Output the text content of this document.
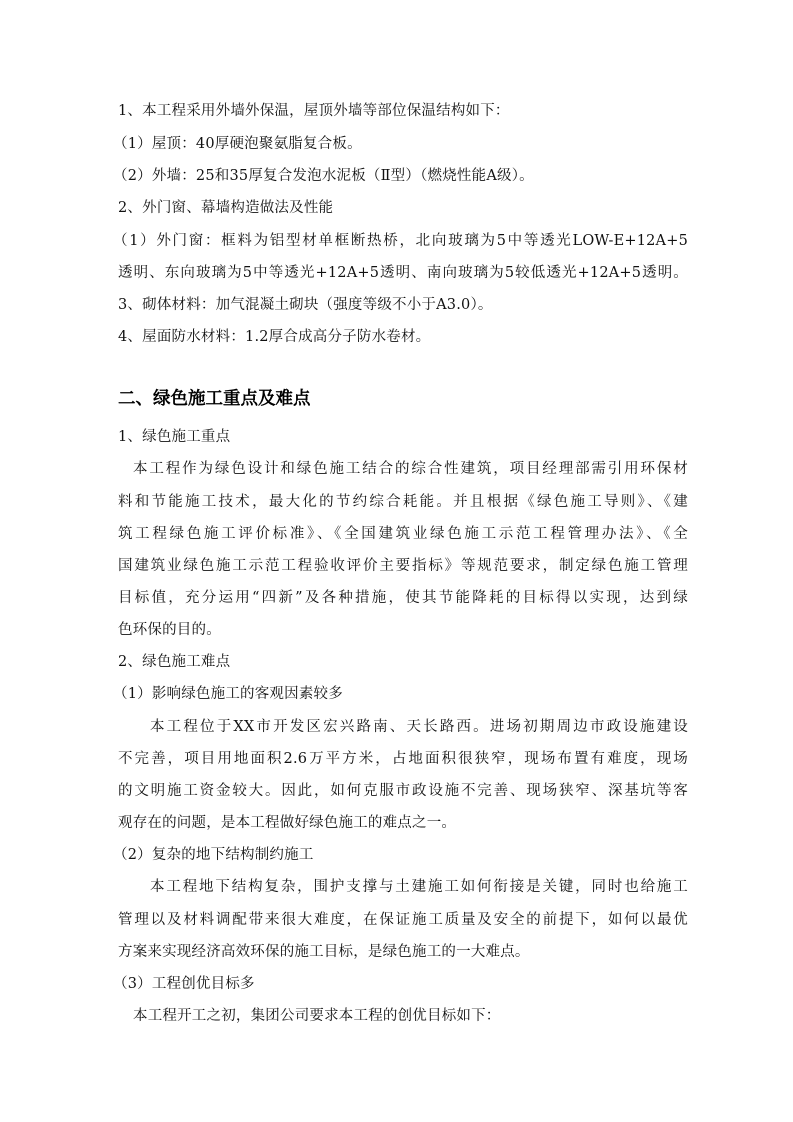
1、本工程采用外墙外保温，屋顶外墙等部位保温结构如下：
（1）屋顶：40厚硬泡聚氨脂复合板。
（2）外墙：25和35厚复合发泡水泥板（Ⅱ型）（燃烧性能A级）。
2、外门窗、幕墙构造做法及性能
（1）外门窗：框料为铝型材单框断热桥，北向玻璃为5中等透光LOW-E+12A+5
透明、东向玻璃为5中等透光+12A+5透明、南向玻璃为5较低透光+12A+5透明。
3、砌体材料：加气混凝土砌块（强度等级不小于A3.0）。
4、屋面防水材料：1.2厚合成高分子防水卷材。
二、绿色施工重点及难点
1、绿色施工重点
本工程作为绿色设计和绿色施工结合的综合性建筑，项目经理部需引用环保材
料和节能施工技术，最大化的节约综合耗能。并且根据《绿色施工导则》、《建
筑工程绿色施工评价标准》、《全国建筑业绿色施工示范工程管理办法》、《全
国建筑业绿色施工示范工程验收评价主要指标》等规范要求，制定绿色施工管理
目标值，充分运用“四新”及各种措施，使其节能降耗的目标得以实现，达到绿
色环保的目的。
2、绿色施工难点
（1）影响绿色施工的客观因素较多
本工程位于XX市开发区宏兴路南、天长路西。进场初期周边市政设施建设
不完善，项目用地面积2.6万平方米，占地面积很狭窄，现场布置有难度，现场
的文明施工资金较大。因此，如何克服市政设施不完善、现场狭窄、深基坑等客
观存在的问题，是本工程做好绿色施工的难点之一。
（2）复杂的地下结构制约施工
本工程地下结构复杂，围护支撑与土建施工如何衔接是关键，同时也给施工
管理以及材料调配带来很大难度，在保证施工质量及安全的前提下，如何以最优
方案来实现经济高效环保的施工目标，是绿色施工的一大难点。
（3）工程创优目标多
本工程开工之初，集团公司要求本工程的创优目标如下：
